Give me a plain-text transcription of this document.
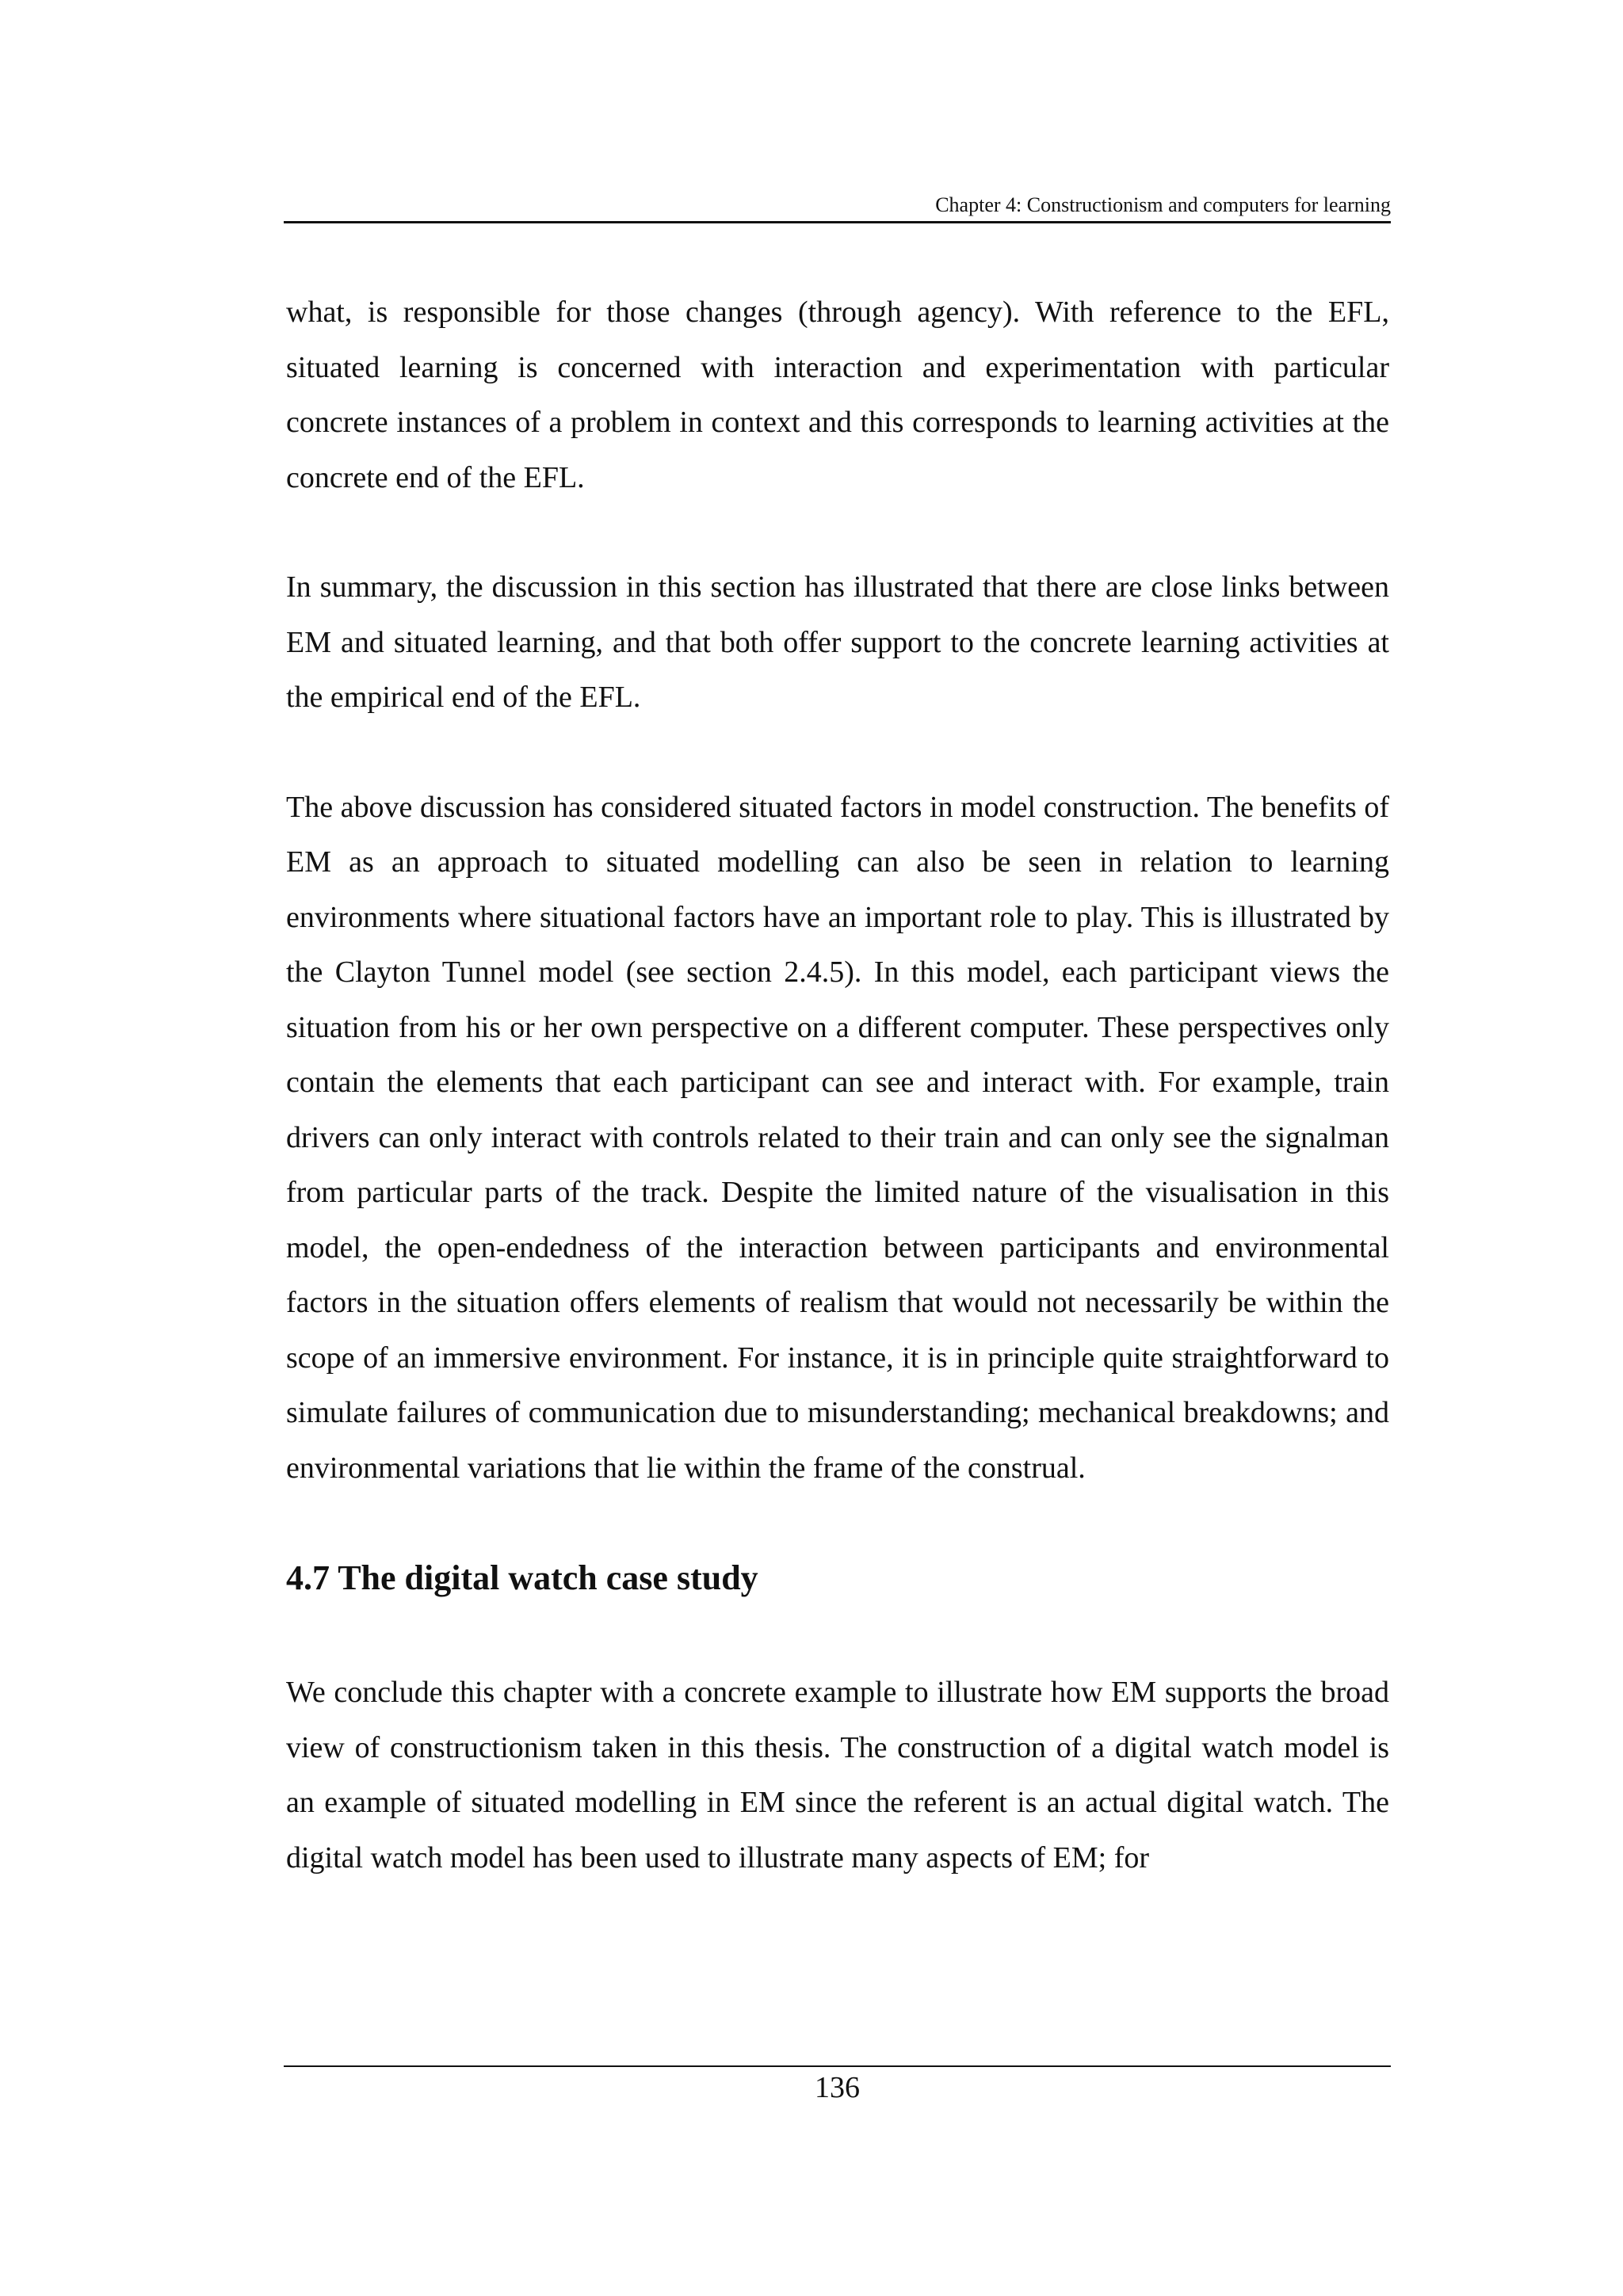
Chapter 4: Constructionism and computers for learning

what, is responsible for those changes (through agency). With reference to the EFL, situated learning is concerned with interaction and experimentation with particular concrete instances of a problem in context and this corresponds to learning activities at the concrete end of the EFL.

In summary, the discussion in this section has illustrated that there are close links between EM and situated learning, and that both offer support to the concrete learning activities at the empirical end of the EFL.

The above discussion has considered situated factors in model construction. The benefits of EM as an approach to situated modelling can also be seen in relation to learning environments where situational factors have an important role to play. This is illustrated by the Clayton Tunnel model (see section 2.4.5). In this model, each participant views the situation from his or her own perspective on a different computer. These perspectives only contain the elements that each participant can see and interact with. For example, train drivers can only interact with controls related to their train and can only see the signalman from particular parts of the track. Despite the limited nature of the visualisation in this model, the open-endedness of the interaction between participants and environmental factors in the situation offers elements of realism that would not necessarily be within the scope of an immersive environment. For instance, it is in principle quite straightforward to simulate failures of communication due to misunderstanding; mechanical breakdowns; and environmental variations that lie within the frame of the construal.

4.7 The digital watch case study

We conclude this chapter with a concrete example to illustrate how EM supports the broad view of constructionism taken in this thesis. The construction of a digital watch model is an example of situated modelling in EM since the referent is an actual digital watch. The digital watch model has been used to illustrate many aspects of EM; for

136
